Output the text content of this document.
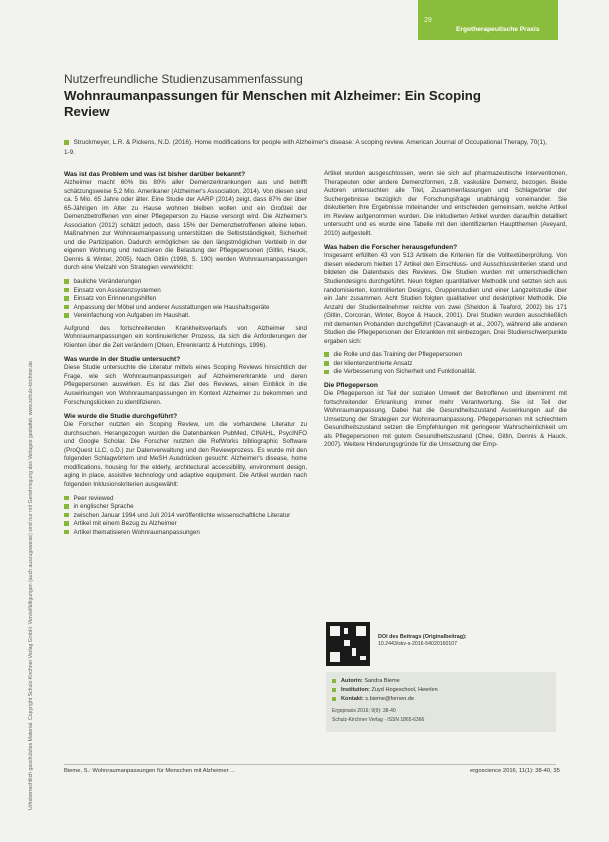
Urheberrechtlich geschütztes Material. Copyright Schulz-Kirchner Verlag GmbH. Vervielfältigungen (auch auszugsweise) sind nur mit Genehmigung des Verlages gestattet. www.schulz-kirchner.de
29
Ergotherapeutische Praxis
Nutzerfreundliche Studienzusammenfassung
Wohnraumanpassungen für Menschen mit Alzheimer: Ein Scoping Review
Struckmeyer, L.R. & Pickens, N.D. (2016). Home modifications for people with Alzheimer's disease: A scoping review. American Journal of Occupational Therapy, 70(1), 1-9.
Was ist das Problem und was ist bisher darüber bekannt?

Alzheimer macht 60% bis 80% aller Demenzerkrankungen aus und betrifft schätzungsweise 5,2 Mio. Amerikaner (Alzheimer's Association, 2014). Von diesen sind ca. 5 Mio. 65 Jahre oder älter. Eine Studie der AARP (2014) zeigt, dass 87% der über 65-Jährigen im Alter zu Hause wohnen bleiben wollen und ein Großteil der Demenzbetroffenen von einer Pflegeperson zu Hause versorgt wird. Die Alzheimer's Association (2012) schätzt jedoch, dass 15% der Demenzbetroffenen alleine leben. Maßnahmen zur Wohnraumanpassung unterstützen die Selbstständigkeit, Sicherheit und die Partizipation. Dadurch ermöglichen sie den längstmöglichen Verbleib in der eigenen Wohnung und reduzieren die Belastung der Pflegepersonen (Gitlin, Hauck, Dennis & Winter, 2005). Nach Gitlin (1998, S. 190) werden Wohnraumanpassungen durch eine Vielzahl von Strategien verwirklicht:

bauliche Veränderungen
Einsatz von Assistenzsystemen
Einsatz von Erinnerungshilfen
Anpassung der Möbel und anderer Ausstattungen wie Haushaltsgeräte
Vereinfachung von Aufgaben im Haushalt.

Aufgrund des fortschreitenden Krankheitsverlaufs von Alzheimer sind Wohnraumanpassungen ein kontinuierlicher Prozess, da sich die Anforderungen der Klienten über die Zeit verändern (Olsen, Ehrenkrantz & Hutchings, 1996).

Was wurde in der Studie untersucht?

Diese Studie untersuchte die Literatur mittels eines Scoping Reviews hinsichtlich der Frage, wie sich Wohnraumanpassungen auf Alzheimererkrankte und deren Pflegepersonen auswirken. Es ist das Ziel des Reviews, einen Einblick in die Auswirkungen von Wohnraumanpassungen im Kontext Alzheimer zu bekommen und Forschungslücken zu identifizieren.

Wie wurde die Studie durchgeführt?

Die Forscher nutzten ein Scoping Review, um die vorhandene Literatur zu durchsuchen. Herangezogen wurden die Datenbanken PubMed, CINAHL, PsycINFO und Google Scholar. Die Forscher nutzten die RefWorks bibliographic Software (ProQuest LLC, o.D.) zur Datenverwaltung und den Reviewprozess. Es wurde mit den folgenden Schlagwörtern und MeSH Ausdrücken gesucht: Alzheimer's disease, home modifications, housing for the elderly, architectural accessibility, environment design, aging in place, assistive technology und adaptive equipment. Die Artikel wurden nach folgenden Inklusionskriterien ausgewählt:

Peer reviewed
in englischer Sprache
zwischen Januar 1994 und Juli 2014 veröffentlichte wissenschaftliche Literatur
Artikel mit einem Bezug zu Alzheimer
Artikel thematisieren Wohnraumanpassungen

Artikel wurden ausgeschlossen, wenn sie sich auf pharmazeutische Interventionen, Therapeuten oder andere Demenzformen, z.B. vaskuläre Demenz, bezogen. Beide Autoren untersuchten alle Titel, Zusammenfassungen und Schlagwörter der Suchergebnisse bezüglich der Forschungsfrage unabhängig voneinander. Sie diskutierten ihre Ergebnisse miteinander und entschieden gemeinsam, welche Artikel im Review aufgenommen wurden. Die inkludierten Artikel wurden daraufhin detailliert untersucht und es wurde eine Tabelle mit den identifizierten Hauptthemen (Aveyard, 2010) aufgestellt.

Was haben die Forscher herausgefunden?

Insgesamt erfüllten 43 von 513 Artikeln die Kriterien für die Volltextüberprüfung. Von diesen wiederum hielten 17 Artikel den Einschluss- und Ausschlusskriterien stand und bildeten die Datenbasis des Reviews. Die Studien wurden mit unterschiedlichen Studiendesigns durchgeführt. Neun folgten quantitativer Methodik und setzten sich aus randomisierten, kontrollierten Designs, Gruppenstudien und einer Langzeitstudie über ein Jahr zusammen. Acht Studien folgten qualitativer und deskriptiver Methodik. Die Anzahl der Studienteilnehmer reichte von zwei (Sheldon & Teaford, 2002) bis 171 (Gitlin, Corcoran, Winter, Boyce & Hauck, 2001). Drei Studien wurden ausschließlich mit dementen Probanden durchgeführt (Cavanaugh et al., 2007), während alle anderen Studien die Pflegepersonen der Erkrankten mit einbezogen. Drei Studienschwerpunkte ergaben sich:

die Rolle und das Training der Pflegepersonen
der klientenzentrierte Ansatz
die Verbesserung von Sicherheit und Funktionalität.
Die Pflegeperson

Die Pflegeperson ist Teil der sozialen Umwelt der Betroffenen und übernimmt mit fortschreitender Erkrankung immer mehr Verantwortung. Sie ist Teil der Wohnraumanpassung. Dabei hat die Gesundheitszustand Auswirkungen auf die Umsetzung der Strategien zur Wohnraumanpassung. Pflegepersonen mit schlechtem Gesundheitszustand setzen die Empfehlungen mit geringerer Wahrscheinlichkeit um als Pflegepersonen mit gutem Gesundheitszustand (Chee, Gitlin, Dennis & Hauck, 2007). Weitere Hinderungsgründe für die Umsetzung der Emp-

DOI des Beitrags (Originalbeitrag):
10.2443/skv-s-2016-54020160107
Autorin: Sandra Bieme
Institution: Zuyd Hogeschool, Heerlen
Kontakt: s.bieme@fornen.de
Ergopraxis 2016; 9(9): 38-40
Schulz-Kirchner Verlag · ISSN 1865-6366
Bieme, S.: Wohnraumanpassungen für Menschen mit Alzheimer ...	ergoscience 2016, 11(1): 38-40, 35
